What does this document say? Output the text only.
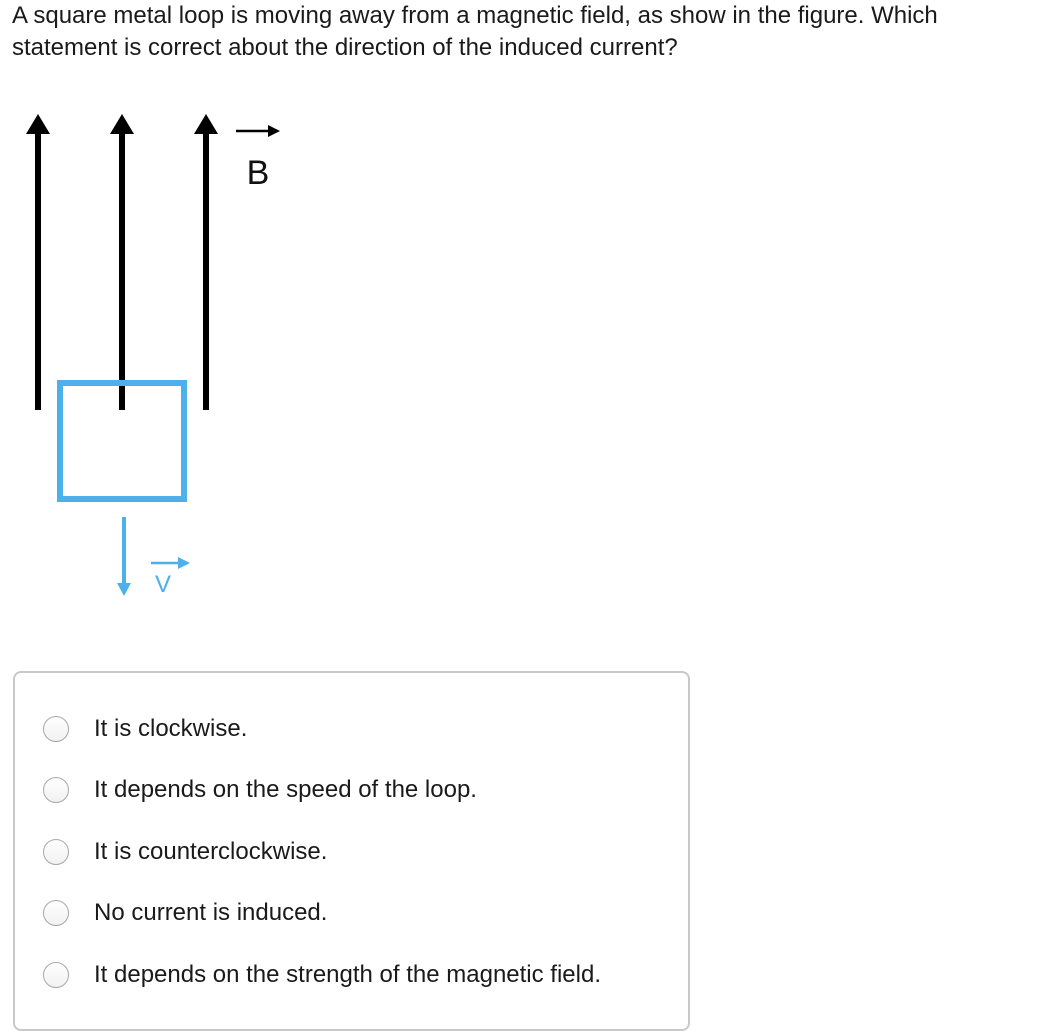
A square metal loop is moving away from a magnetic field, as show in the figure. Which statement is correct about the direction of the induced current?

B
V
It is clockwise.
It depends on the speed of the loop.
It is counterclockwise.
No current is induced.
It depends on the strength of the magnetic field.
